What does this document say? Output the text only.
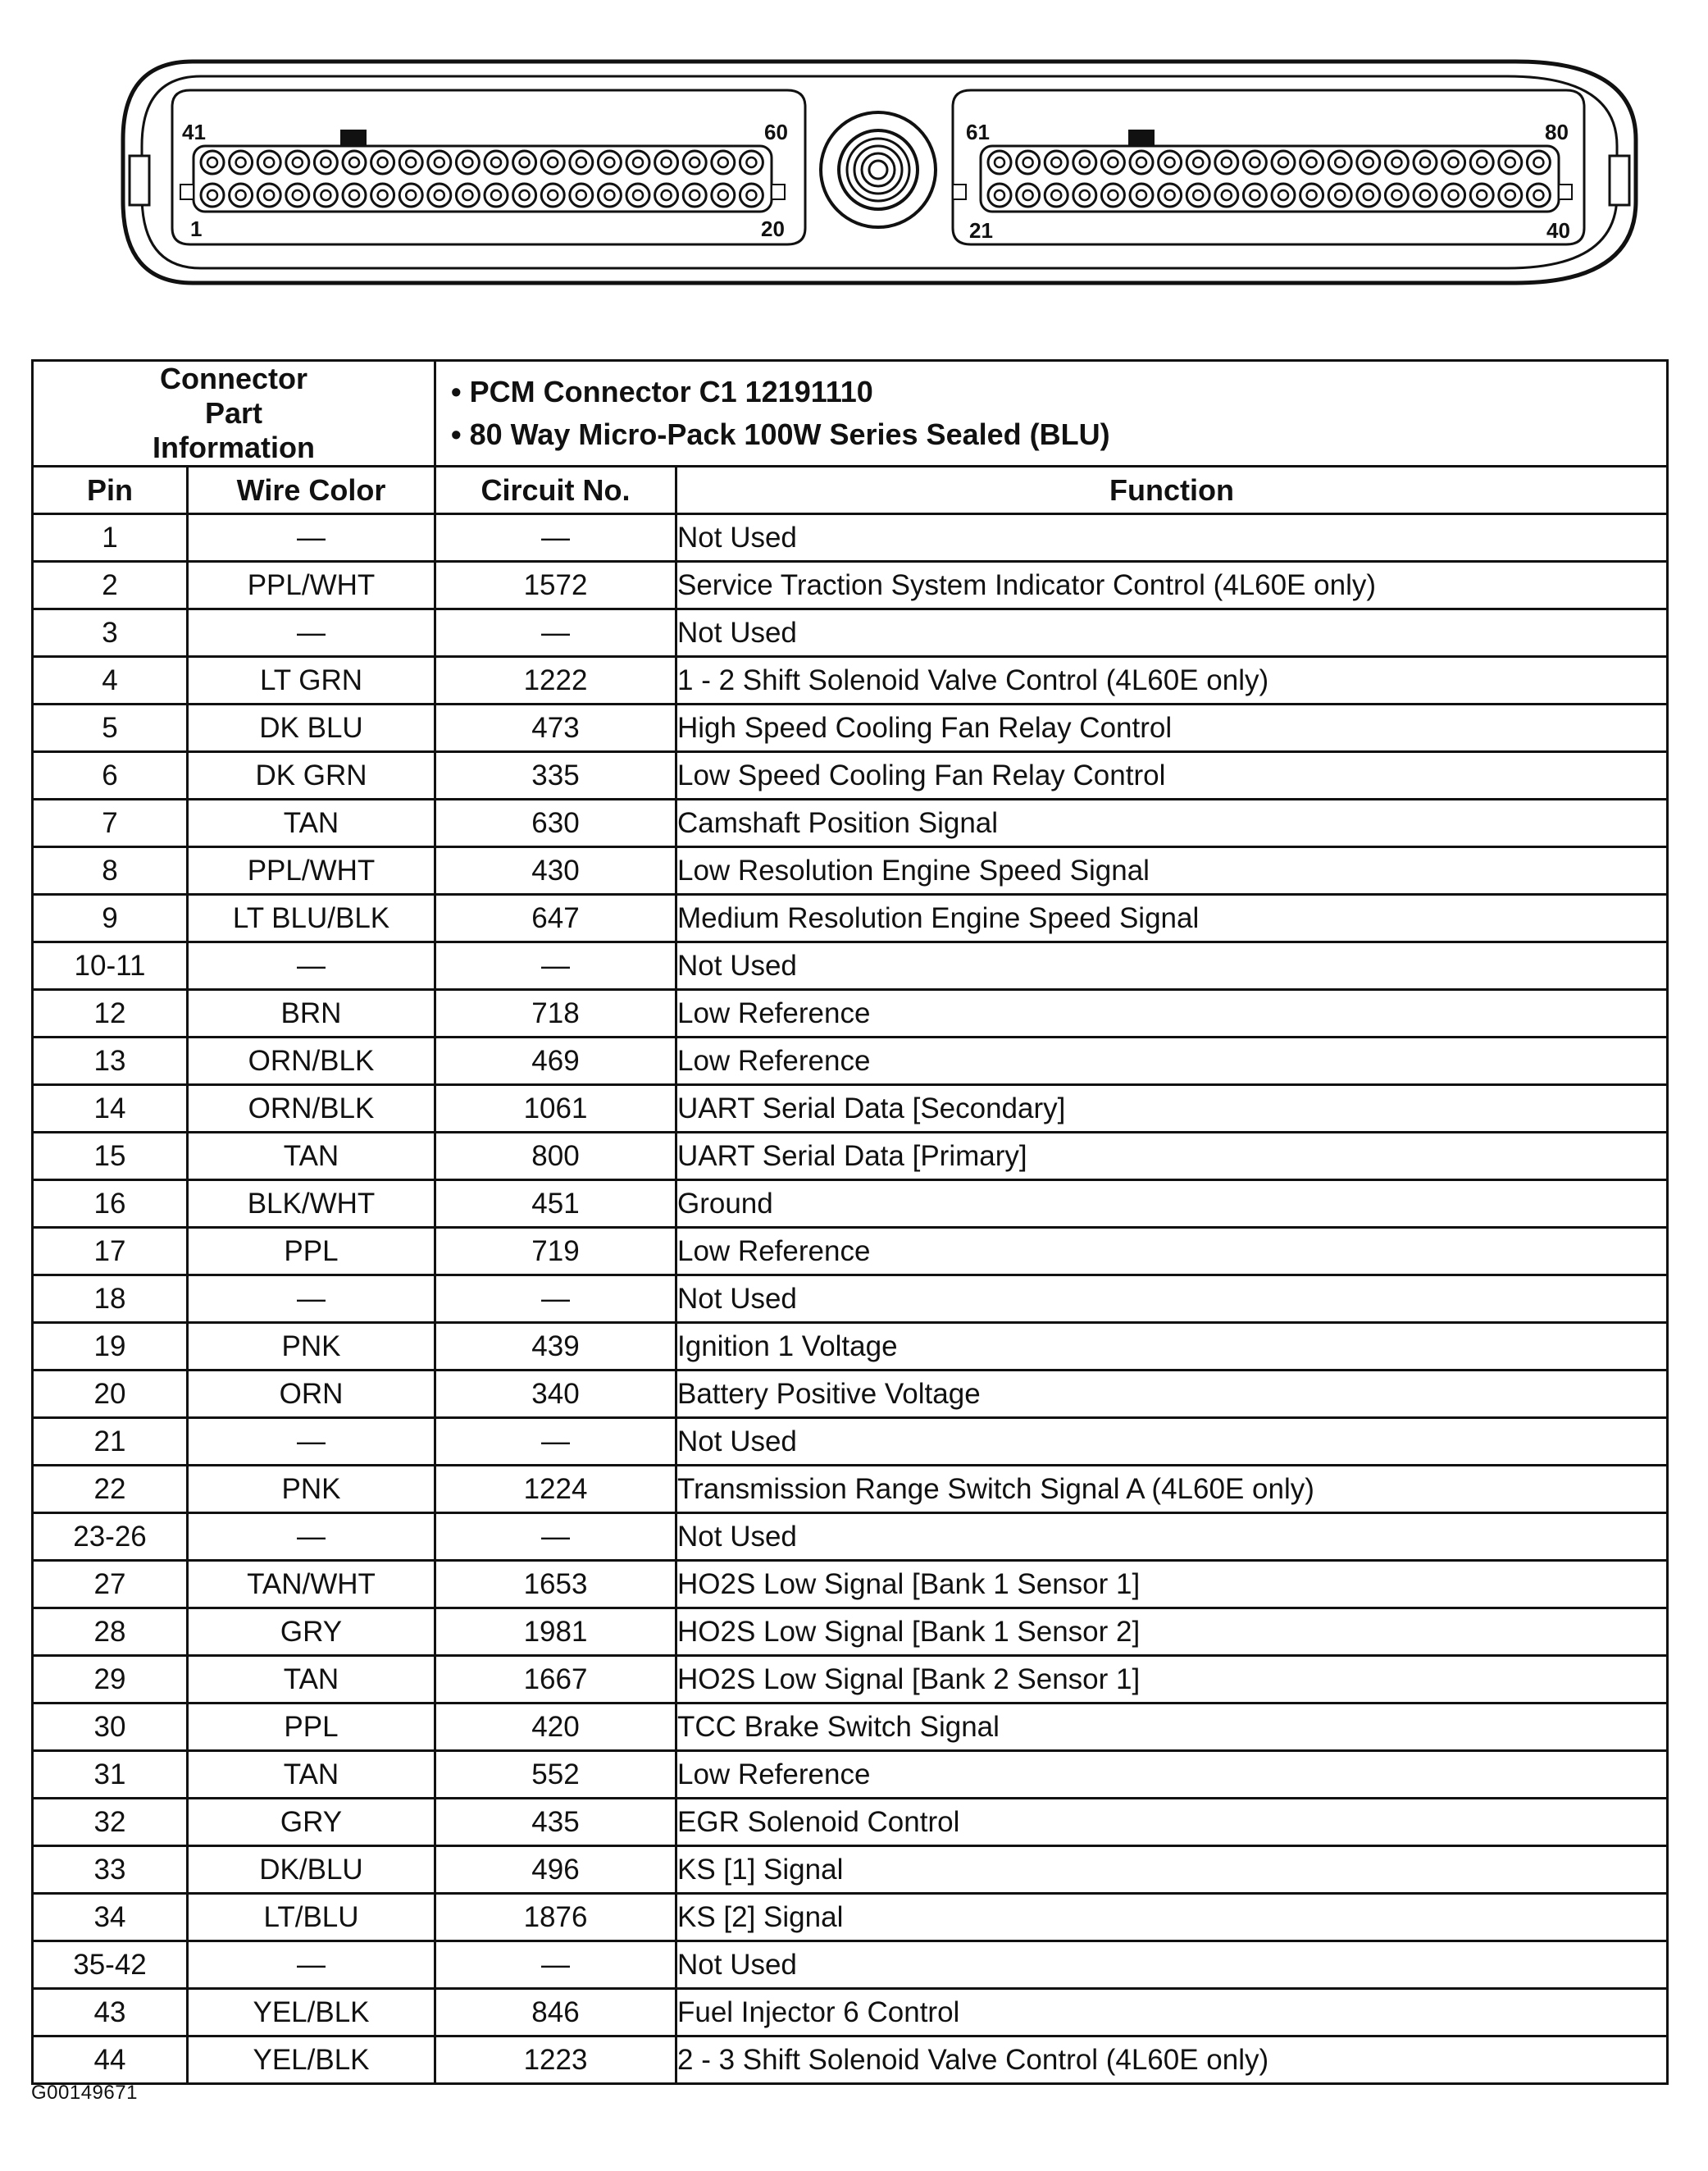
41	60
1	20
61	80
21	40
Connector Part Information		• PCM Connector C1 12191110
• 80 Way Micro-Pack 100W Series Sealed (BLU)	

Pin	Wire Color	Circuit No.	Function
1	—	—	Not Used
2	PPL/WHT	1572	Service Traction System Indicator Control (4L60E only)
3	—	—	Not Used
4	LT GRN	1222	1 - 2 Shift Solenoid Valve Control (4L60E only)
5	DK BLU	473	High Speed Cooling Fan Relay Control
6	DK GRN	335	Low Speed Cooling Fan Relay Control
7	TAN	630	Camshaft Position Signal
8	PPL/WHT	430	Low Resolution Engine Speed Signal
9	LT BLU/BLK	647	Medium Resolution Engine Speed Signal
10-11	—	—	Not Used
12	BRN	718	Low Reference
13	ORN/BLK	469	Low Reference
14	ORN/BLK	1061	UART Serial Data [Secondary]
15	TAN	800	UART Serial Data [Primary]
16	BLK/WHT	451	Ground
17	PPL	719	Low Reference
18	—	—	Not Used
19	PNK	439	Ignition 1 Voltage
20	ORN	340	Battery Positive Voltage
21	—	—	Not Used
22	PNK	1224	Transmission Range Switch Signal A (4L60E only)
23-26	—	—	Not Used
27	TAN/WHT	1653	HO2S Low Signal [Bank 1 Sensor 1]
28	GRY	1981	HO2S Low Signal [Bank 1 Sensor 2]
29	TAN	1667	HO2S Low Signal [Bank 2 Sensor 1]
30	PPL	420	TCC Brake Switch Signal
31	TAN	552	Low Reference
32	GRY	435	EGR Solenoid Control
33	DK/BLU	496	KS [1] Signal
34	LT/BLU	1876	KS [2] Signal
35-42	—	—	Not Used
43	YEL/BLK	846	Fuel Injector 6 Control
44	YEL/BLK	1223	2 - 3 Shift Solenoid Valve Control (4L60E only)
G00149671
